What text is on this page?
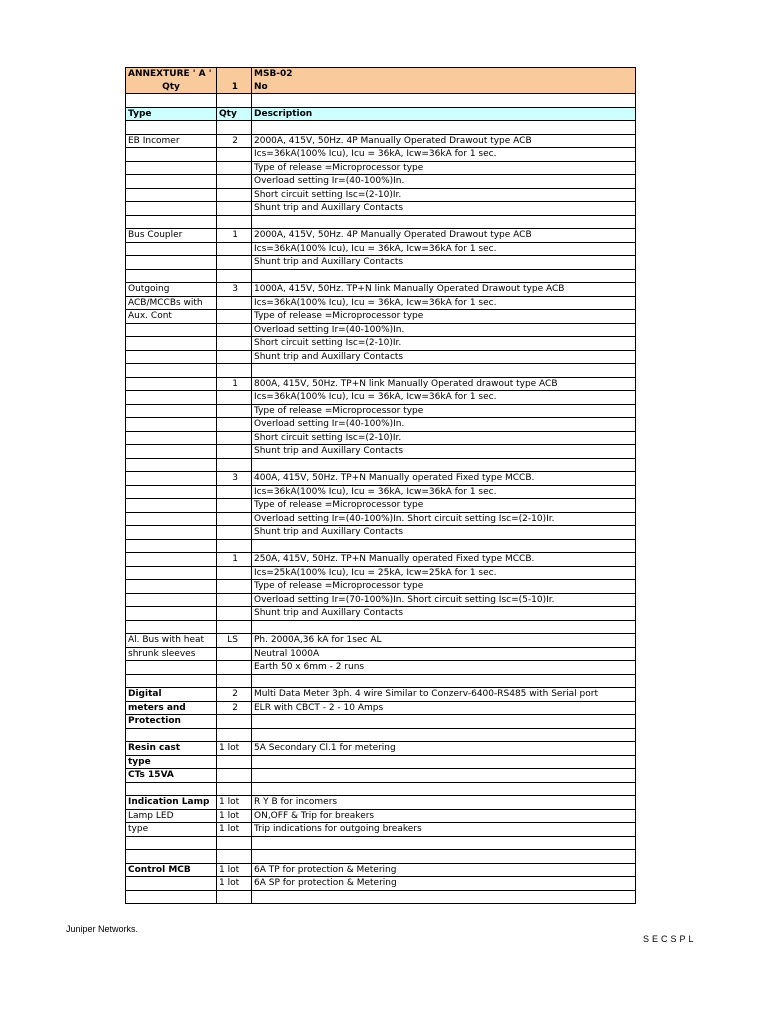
ANNEXTURE ' A '		MSB-02
Qty	1	No

Type	Qty	Description

EB Incomer	2	2000A, 415V, 50Hz. 4P Manually Operated Drawout type ACB
		Ics=36kA(100% Icu), Icu = 36kA, Icw=36kA for 1 sec.
		Type of release =Microprocessor type
		Overload setting Ir=(40-100%)In.
		Short circuit setting Isc=(2-10)Ir.
		Shunt trip and Auxillary Contacts

Bus Coupler	1	2000A, 415V, 50Hz. 4P Manually Operated Drawout type ACB
		Ics=36kA(100% Icu), Icu = 36kA, Icw=36kA for 1 sec.
		Shunt trip and Auxillary Contacts

Outgoing	3	1000A, 415V, 50Hz. TP+N link Manually Operated Drawout type ACB
ACB/MCCBs with		Ics=36kA(100% Icu), Icu = 36kA, Icw=36kA for 1 sec.
Aux. Cont		Type of release =Microprocessor type
		Overload setting Ir=(40-100%)In.
		Short circuit setting Isc=(2-10)Ir.
		Shunt trip and Auxillary Contacts

	1	800A, 415V, 50Hz. TP+N link Manually Operated drawout type ACB
		Ics=36kA(100% Icu), Icu = 36kA, Icw=36kA for 1 sec.
		Type of release =Microprocessor type
		Overload setting Ir=(40-100%)In.
		Short circuit setting Isc=(2-10)Ir.
		Shunt trip and Auxillary Contacts

	3	400A, 415V, 50Hz. TP+N Manually operated Fixed type MCCB.
		Ics=36kA(100% Icu), Icu = 36kA, Icw=36kA for 1 sec.
		Type of release =Microprocessor type
		Overload setting Ir=(40-100%)In. Short circuit setting Isc=(2-10)Ir.
		Shunt trip and Auxillary Contacts

	1	250A, 415V, 50Hz. TP+N Manually operated Fixed type MCCB.
		Ics=25kA(100% Icu), Icu = 25kA, Icw=25kA for 1 sec.
		Type of release =Microprocessor type
		Overload setting Ir=(70-100%)In. Short circuit setting Isc=(5-10)Ir.
		Shunt trip and Auxillary Contacts

Al. Bus with heat	LS	Ph. 2000A,36 kA for 1sec AL
shrunk sleeves		Neutral 1000A
		Earth 50 x 6mm - 2 runs

Digital	2	Multi Data Meter 3ph. 4 wire Similar to Conzerv-6400-RS485 with Serial port
meters and	2	ELR with CBCT - 2 - 10 Amps
Protection		

Resin cast	1 lot	5A Secondary Cl.1 for metering
type		
CTs 15VA		

Indication Lamp	1 lot	R Y B for incomers
Lamp LED	1 lot	ON,OFF & Trip for breakers
type	1 lot	Trip indications for outgoing breakers

Control MCB	1 lot	6A TP for protection & Metering
	1 lot	6A SP for protection & Metering

Juniper Networks.
SECSPL
